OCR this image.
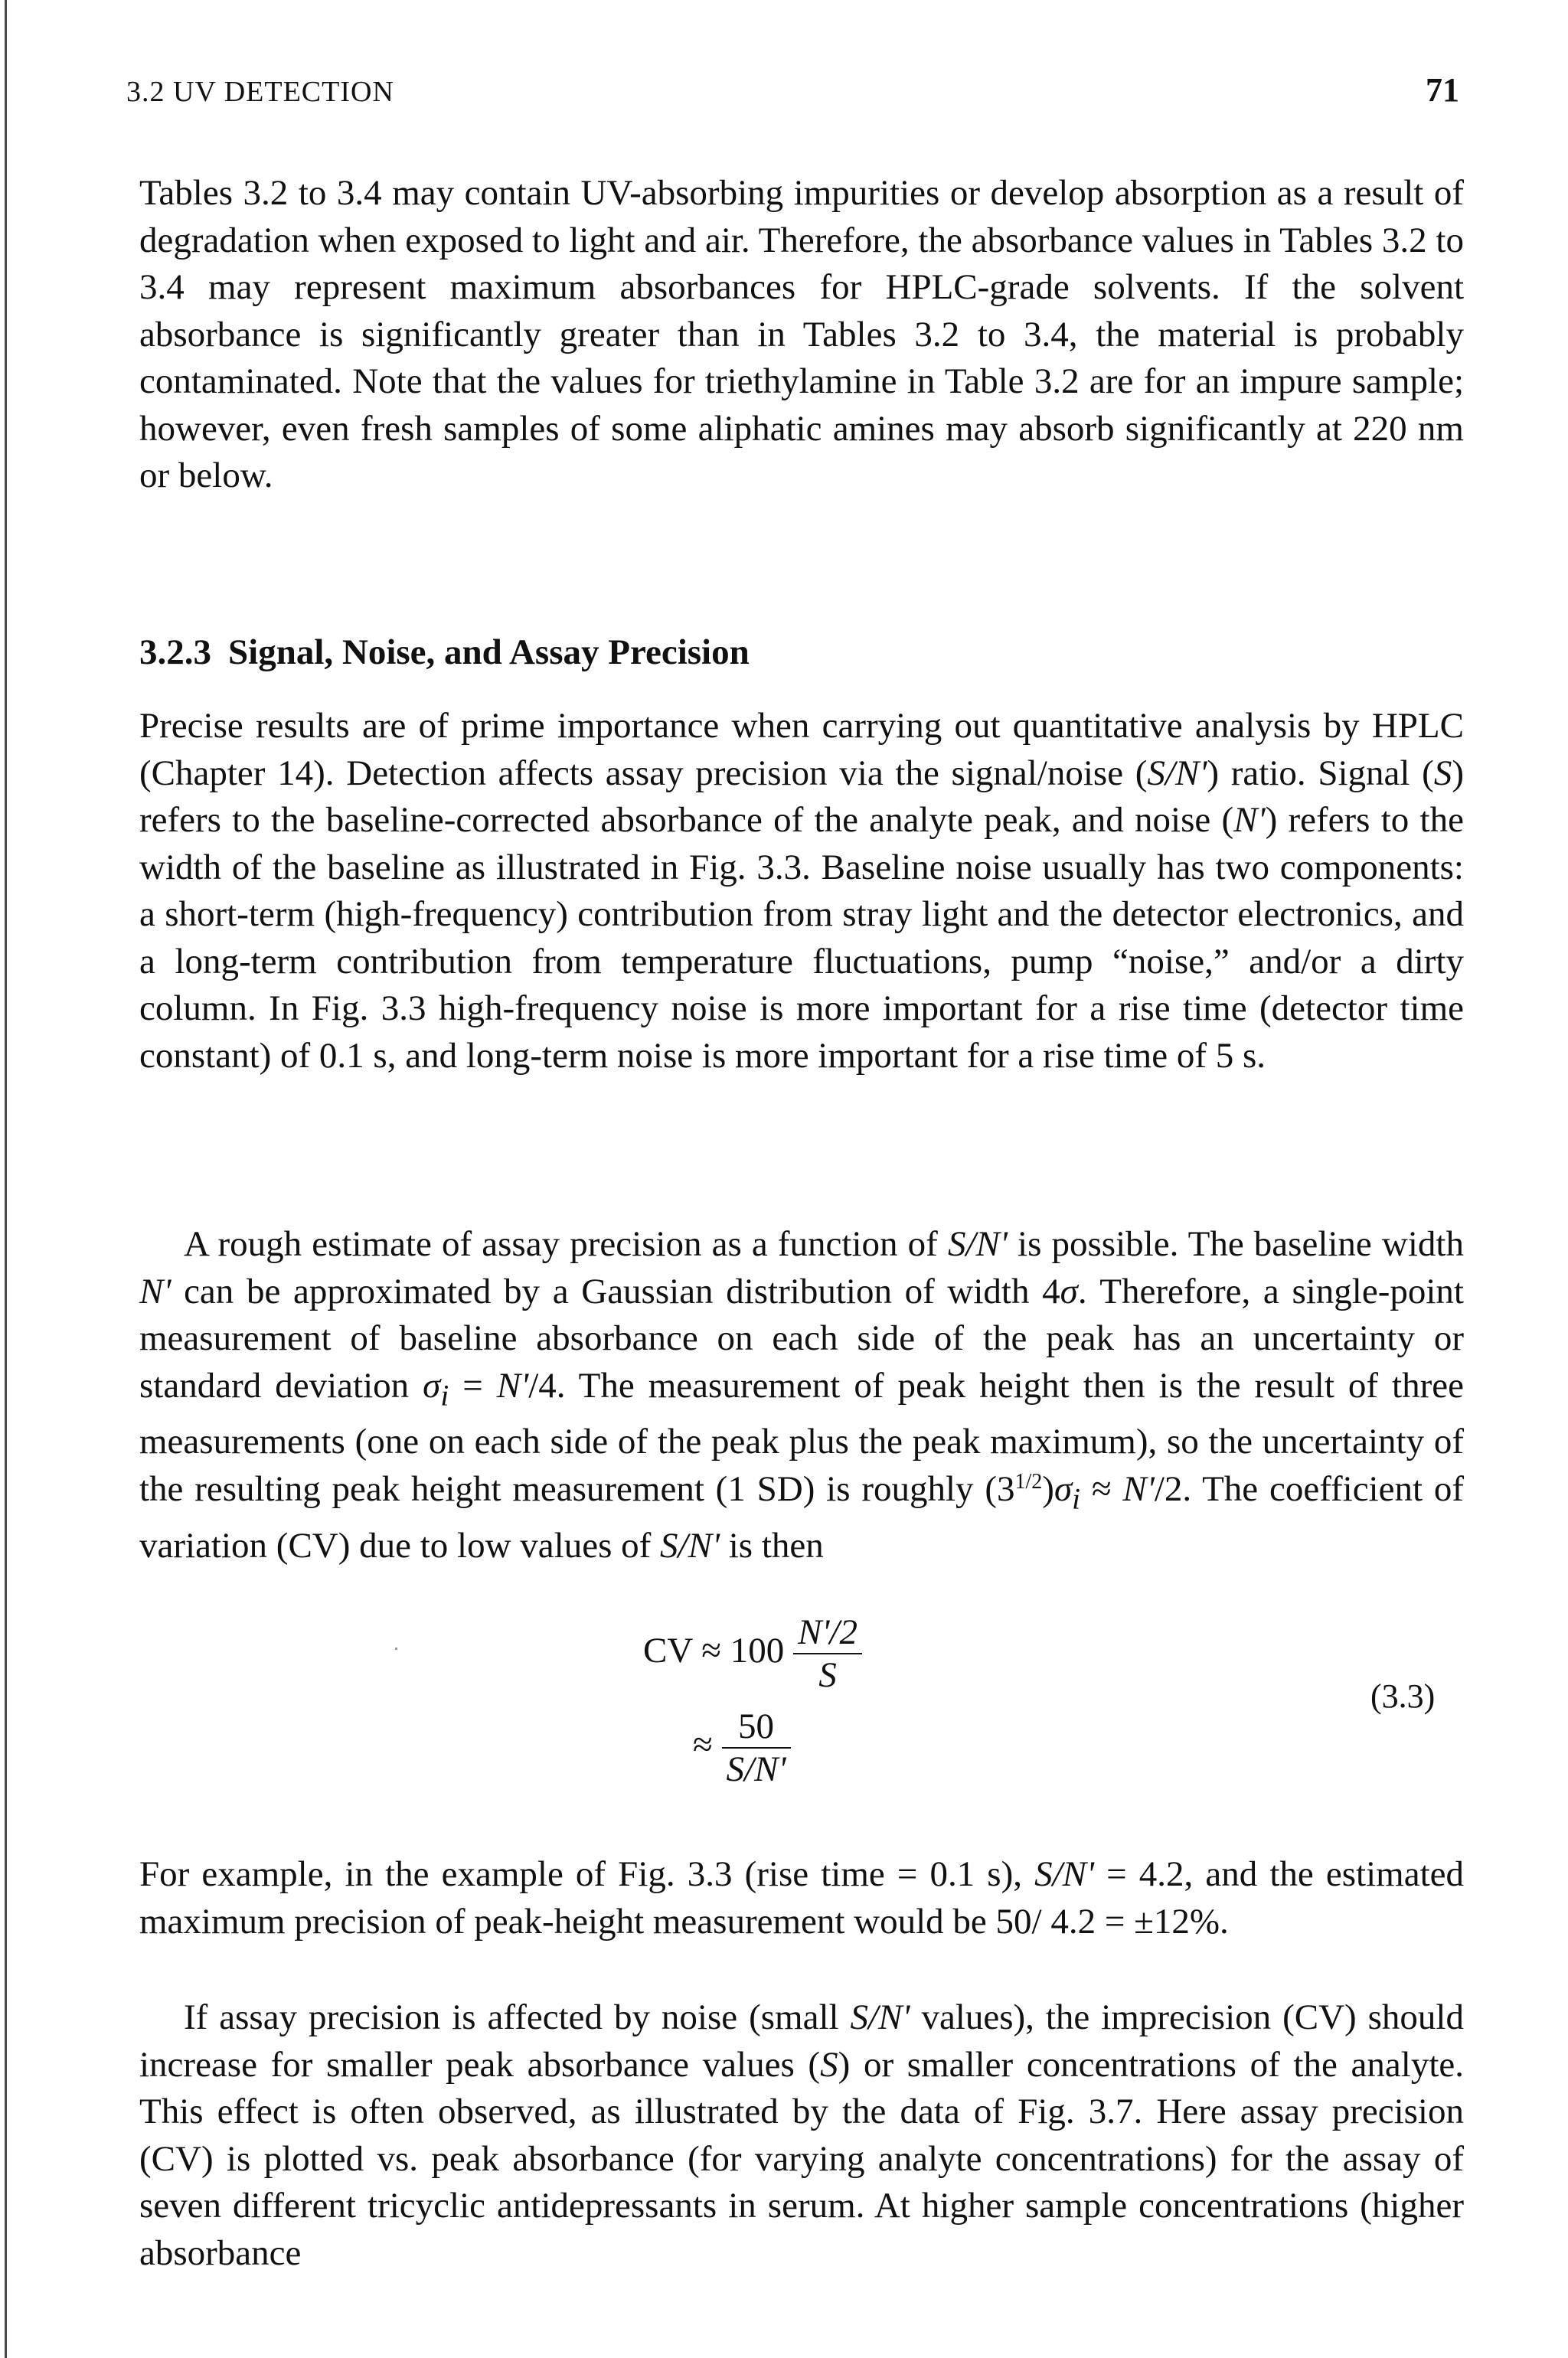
3.2 UV DETECTION	71

Tables 3.2 to 3.4 may contain UV-absorbing impurities or develop absorption as a result of degradation when exposed to light and air. Therefore, the absorbance values in Tables 3.2 to 3.4 may represent maximum absorbances for HPLC-grade solvents. If the solvent absorbance is significantly greater than in Tables 3.2 to 3.4, the material is probably contaminated. Note that the values for triethylamine in Table 3.2 are for an impure sample; however, even fresh samples of some aliphatic amines may absorb significantly at 220 nm or below.

3.2.3 Signal, Noise, and Assay Precision

Precise results are of prime importance when carrying out quantitative analysis by HPLC (Chapter 14). Detection affects assay precision via the signal/noise (S/N') ratio. Signal (S) refers to the baseline-corrected absorbance of the analyte peak, and noise (N') refers to the width of the baseline as illustrated in Fig. 3.3. Baseline noise usually has two components: a short-term (high-frequency) contribution from stray light and the detector electronics, and a long-term contribution from temperature fluctuations, pump “noise,” and/or a dirty column. In Fig. 3.3 high-frequency noise is more important for a rise time (detector time constant) of 0.1 s, and long-term noise is more important for a rise time of 5 s.

A rough estimate of assay precision as a function of S/N' is possible. The baseline width N' can be approximated by a Gaussian distribution of width 4σ. Therefore, a single-point measurement of baseline absorbance on each side of the peak has an uncertainty or standard deviation $\sigma_i = N'/4$. The measurement of peak height then is the result of three measurements (one on each side of the peak plus the peak maximum), so the uncertainty of the resulting peak height measurement (1 SD) is roughly $(3^{1/2})\sigma_i \approx N'/2$. The coefficient of variation (CV) due to low values of S/N' is then

CV ≈ $100 \frac{N'/2}{S}$
≈ $\frac{50}{S/N'}$
(3.3)

For example, in the example of Fig. 3.3 (rise time = 0.1 s), S/N' = 4.2, and the estimated maximum precision of peak-height measurement would be 50/ 4.2 = ±12%.

If assay precision is affected by noise (small S/N' values), the imprecision (CV) should increase for smaller peak absorbance values (S) or smaller concentrations of the analyte. This effect is often observed, as illustrated by the data of Fig. 3.7. Here assay precision (CV) is plotted vs. peak absorbance (for varying analyte concentrations) for the assay of seven different tricyclic antidepressants in serum. At higher sample concentrations (higher absorbance
